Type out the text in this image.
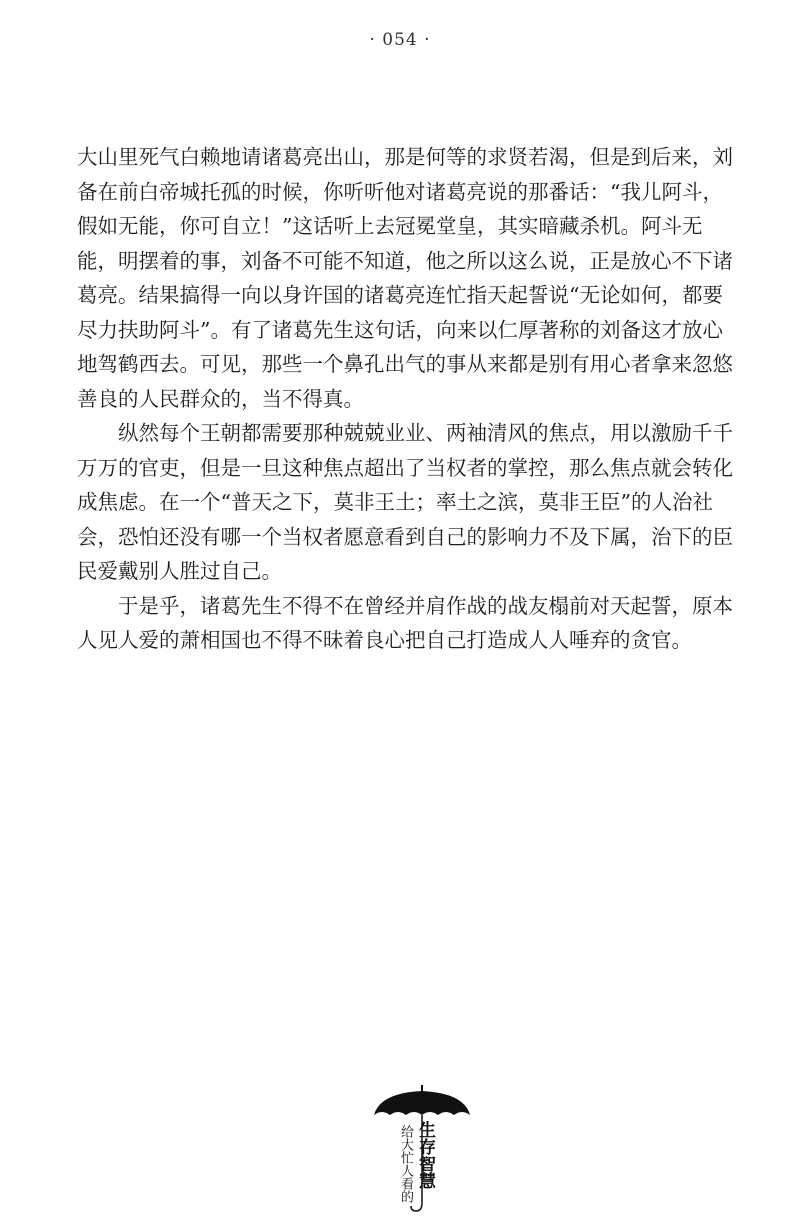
· 054 ·

大山里死气白赖地请诸葛亮出山，那是何等的求贤若渴，但是到后来，刘备在前白帝城托孤的时候，你听听他对诸葛亮说的那番话：“我儿阿斗，假如无能，你可自立！”这话听上去冠冕堂皇，其实暗藏杀机。阿斗无能，明摆着的事，刘备不可能不知道，他之所以这么说，正是放心不下诸葛亮。结果搞得一向以身许国的诸葛亮连忙指天起誓说“无论如何，都要尽力扶助阿斗”。有了诸葛先生这句话，向来以仁厚著称的刘备这才放心地驾鹤西去。可见，那些一个鼻孔出气的事从来都是别有用心者拿来忽悠善良的人民群众的，当不得真。

纵然每个王朝都需要那种兢兢业业、两袖清风的焦点，用以激励千千万万的官吏，但是一旦这种焦点超出了当权者的掌控，那么焦点就会转化成焦虑。在一个“普天之下，莫非王土；率土之滨，莫非王臣”的人治社会，恐怕还没有哪一个当权者愿意看到自己的影响力不及下属，治下的臣民爱戴别人胜过自己。

于是乎，诸葛先生不得不在曾经并肩作战的战友榻前对天起誓，原本人见人爱的萧相国也不得不昧着良心把自己打造成人人唾弃的贪官。

给大忙人看的 生存智慧
